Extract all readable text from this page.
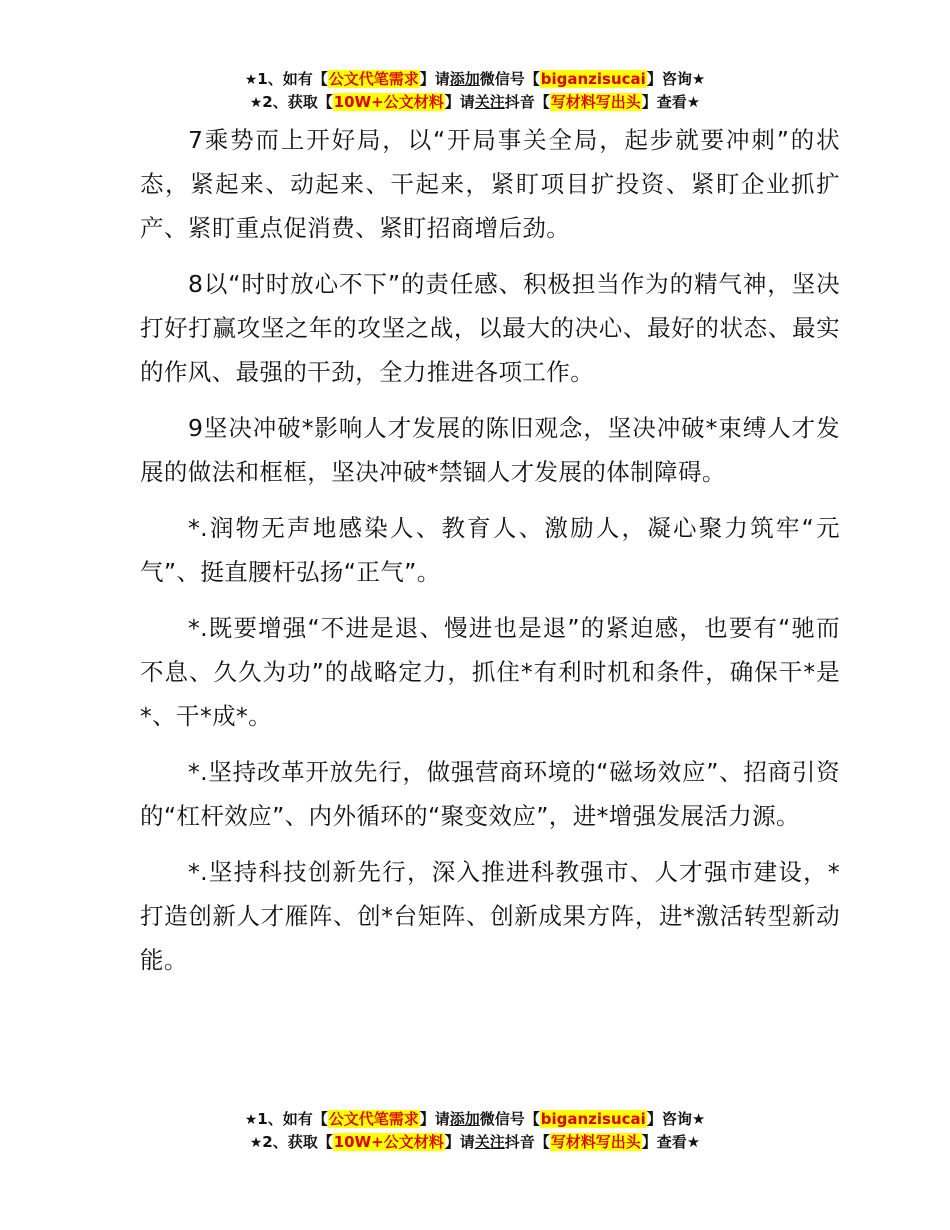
★1、如有【公文代笔需求】请添加微信号【biganzisucai】咨询★
★2、获取【10W+公文材料】请关注抖音【写材料写出头】查看★

7乘势而上开好局，以“开局事关全局，起步就要冲刺”的状态，紧起来、动起来、干起来，紧盯项目扩投资、紧盯企业抓扩产、紧盯重点促消费、紧盯招商增后劲。

8以“时时放心不下”的责任感、积极担当作为的精气神，坚决打好打赢攻坚之年的攻坚之战，以最大的决心、最好的状态、最实的作风、最强的干劲，全力推进各项工作。

9坚决冲破*影响人才发展的陈旧观念，坚决冲破*束缚人才发展的做法和框框，坚决冲破*禁锢人才发展的体制障碍。

*.润物无声地感染人、教育人、激励人，凝心聚力筑牢“元气”、挺直腰杆弘扬“正气”。

*.既要增强“不进是退、慢进也是退”的紧迫感，也要有“驰而不息、久久为功”的战略定力，抓住*有利时机和条件，确保干*是*、干*成*。

*.坚持改革开放先行，做强营商环境的“磁场效应”、招商引资的“杠杆效应”、内外循环的“聚变效应”，进*增强发展活力源。

*.坚持科技创新先行，深入推进科教强市、人才强市建设，*打造创新人才雁阵、创*台矩阵、创新成果方阵，进*激活转型新动能。

★1、如有【公文代笔需求】请添加微信号【biganzisucai】咨询★
★2、获取【10W+公文材料】请关注抖音【写材料写出头】查看★
